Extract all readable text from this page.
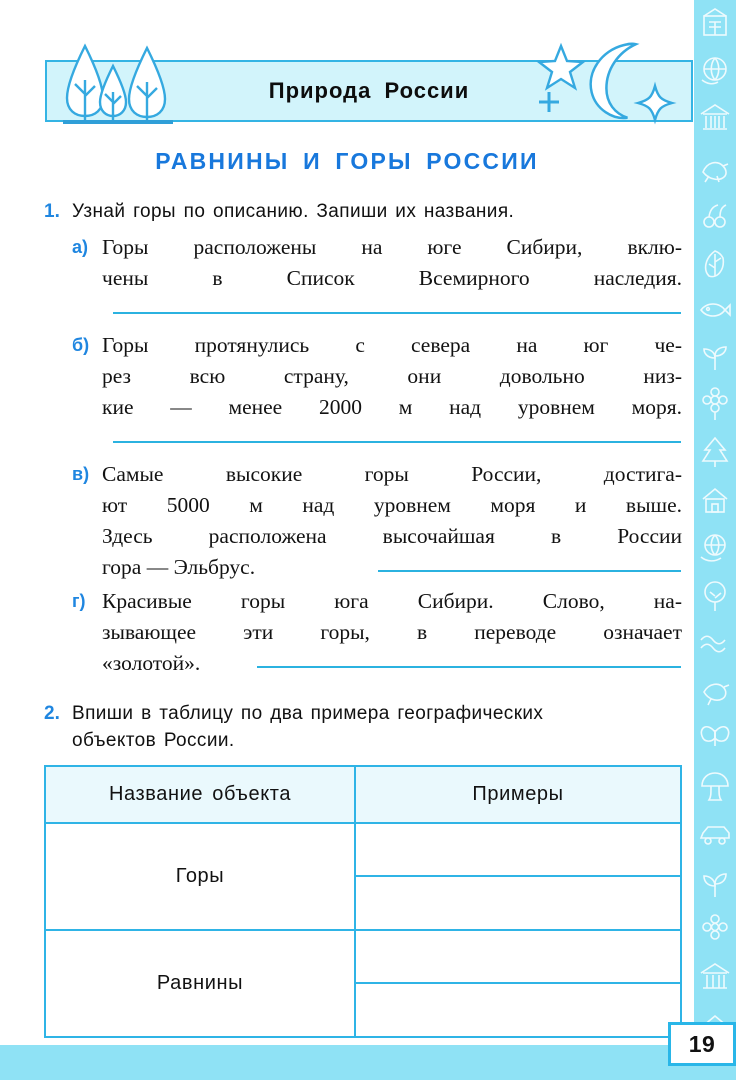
Природа России
РАВНИНЫ И ГОРЫ РОССИИ
1. Узнай горы по описанию. Запиши их названия.
а) Горы расположены на юге Сибири, вклю-
чены в Список Всемирного наследия.
б) Горы протянулись с севера на юг че-
рез всю страну, они довольно низ-
кие — менее 2000 м над уровнем моря.
в) Самые высокие горы России, достига-
ют 5000 м над уровнем моря и выше.
Здесь расположена высочайшая в России
гора — Эльбрус.
г) Красивые горы юга Сибири. Слово, на-
зывающее эти горы, в переводе означает
«золотой».
2. Впиши в таблицу по два примера географических
объектов России.
Название объекта	Примеры
Горы
Равнины
19
